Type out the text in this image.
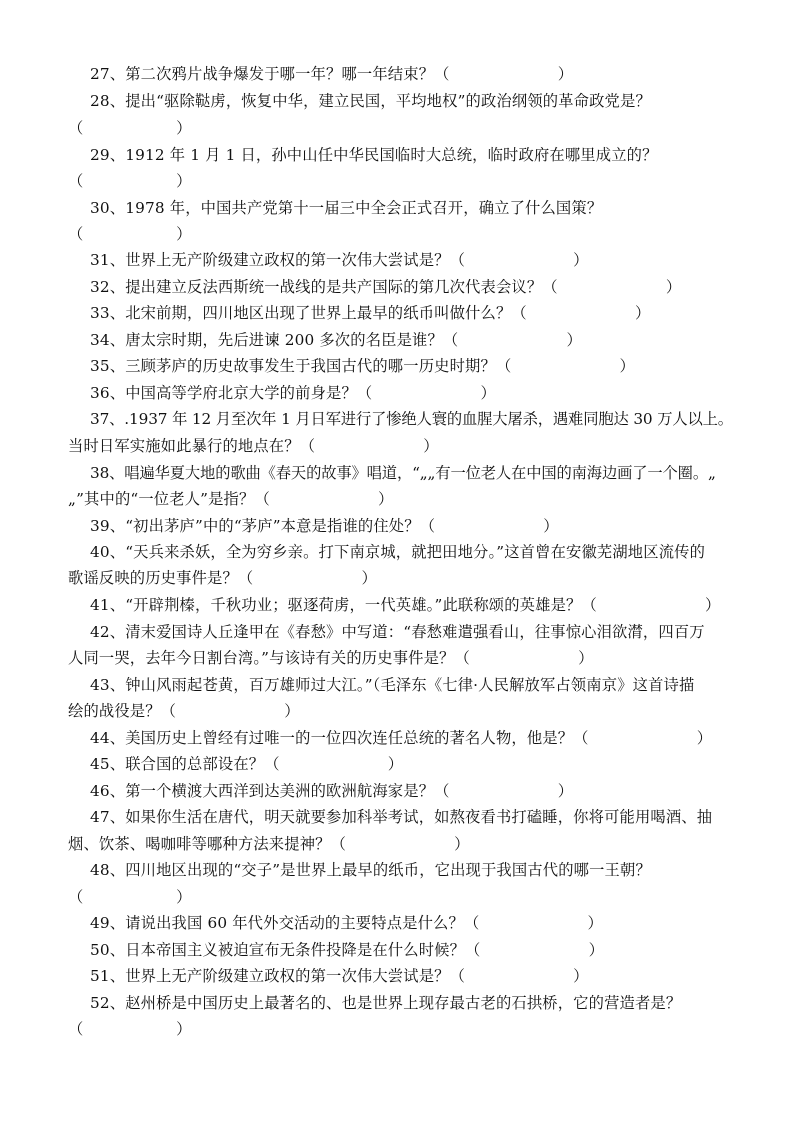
27、第二次鸦片战争爆发于哪一年？哪一年结束？（　　　　　　　）
28、提出“驱除鞑虏，恢复中华，建立民国，平均地权”的政治纲领的革命政党是？
（　　　　　　）
29、1912 年 1 月 1 日，孙中山任中华民国临时大总统，临时政府在哪里成立的？
（　　　　　　）
30、1978 年，中国共产党第十一届三中全会正式召开，确立了什么国策？
（　　　　　　）
31、世界上无产阶级建立政权的第一次伟大尝试是？（　　　　　　　）
32、提出建立反法西斯统一战线的是共产国际的第几次代表会议？（　　　　　　　）
33、北宋前期，四川地区出现了世界上最早的纸币叫做什么？（　　　　　　　）
34、唐太宗时期，先后进谏 200 多次的名臣是谁？（　　　　　　　）
35、三顾茅庐的历史故事发生于我国古代的哪一历史时期？（　　　　　　　）
36、中国高等学府北京大学的前身是？（　　　　　　　）
37、.1937 年 12 月至次年 1 月日军进行了惨绝人寰的血腥大屠杀，遇难同胞达 30 万人以上。
当时日军实施如此暴行的地点在？（　　　　　　　）
38、唱遍华夏大地的歌曲《春天的故事》唱道，“„„有一位老人在中国的南海边画了一个圈。„
„”其中的“一位老人”是指？（　　　　　　　）
39、“初出茅庐”中的“茅庐”本意是指谁的住处？（　　　　　　　）
40、“天兵来杀妖，全为穷乡亲。打下南京城，就把田地分。”这首曾在安徽芜湖地区流传的
歌谣反映的历史事件是？（　　　　　　　）
41、“开辟荆榛，千秋功业；驱逐荷虏，一代英雄。”此联称颂的英雄是？（　　　　　　　）
42、清末爱国诗人丘逢甲在《春愁》中写道：“春愁难遣强看山，往事惊心泪欲潸，四百万
人同一哭，去年今日割台湾。”与该诗有关的历史事件是？（　　　　　　　）
43、钟山风雨起苍黄，百万雄师过大江。”（毛泽东《七律·人民解放军占领南京》这首诗描
绘的战役是？（　　　　　　　）
44、美国历史上曾经有过唯一的一位四次连任总统的著名人物，他是？（　　　　　　　）
45、联合国的总部设在？（　　　　　　　）
46、第一个横渡大西洋到达美洲的欧洲航海家是？（　　　　　　　）
47、如果你生活在唐代，明天就要参加科举考试，如熬夜看书打磕睡，你将可能用喝酒、抽
烟、饮茶、喝咖啡等哪种方法来提神？（　　　　　　　）
48、四川地区出现的“交子”是世界上最早的纸币，它出现于我国古代的哪一王朝？
（　　　　　　）
49、请说出我国 60 年代外交活动的主要特点是什么？（　　　　　　　）
50、日本帝国主义被迫宣布无条件投降是在什么时候？（　　　　　　　）
51、世界上无产阶级建立政权的第一次伟大尝试是？（　　　　　　　）
52、赵州桥是中国历史上最著名的、也是世界上现存最古老的石拱桥，它的营造者是？
（　　　　　　）
